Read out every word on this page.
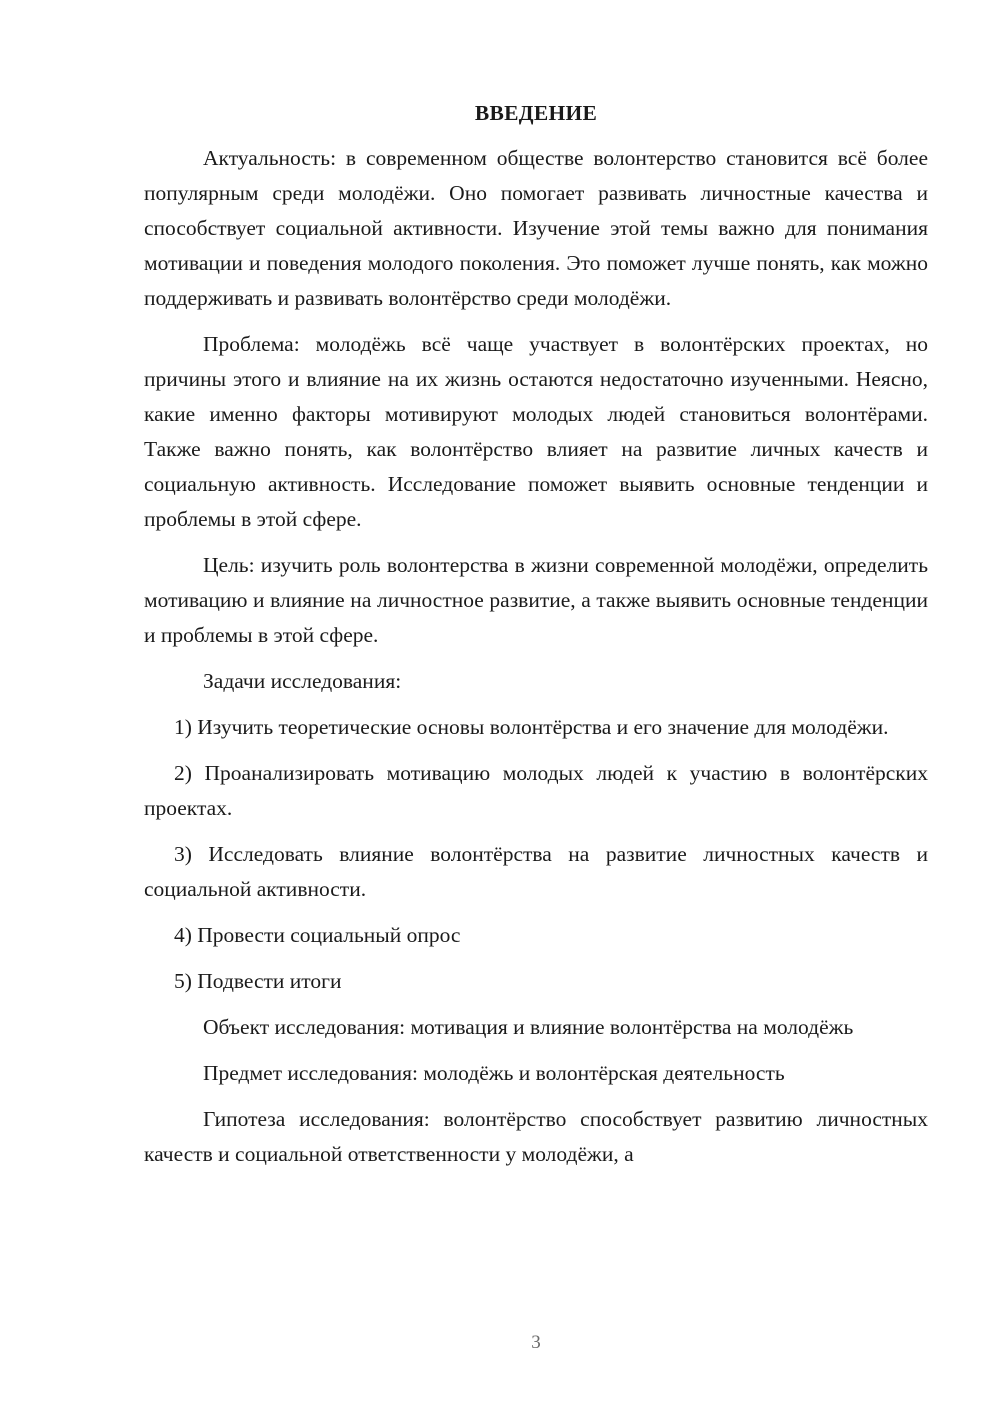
ВВЕДЕНИЕ

Актуальность: в современном обществе волонтерство становится всё более популярным среди молодёжи. Оно помогает развивать личностные качества и способствует социальной активности. Изучение этой темы важно для понимания мотивации и поведения молодого поколения. Это поможет лучше понять, как можно поддерживать и развивать волонтёрство среди молодёжи.

Проблема: молодёжь всё чаще участвует в волонтёрских проектах, но причины этого и влияние на их жизнь остаются недостаточно изученными. Неясно, какие именно факторы мотивируют молодых людей становиться волонтёрами. Также важно понять, как волонтёрство влияет на развитие личных качеств и социальную активность. Исследование поможет выявить основные тенденции и проблемы в этой сфере.

Цель: изучить роль волонтерства в жизни современной молодёжи, определить мотивацию и влияние на личностное развитие, а также выявить основные тенденции и проблемы в этой сфере.

Задачи исследования:

1) Изучить теоретические основы волонтёрства и его значение для молодёжи.

2) Проанализировать мотивацию молодых людей к участию в волонтёрских проектах.

3) Исследовать влияние волонтёрства на развитие личностных качеств и социальной активности.

4) Провести социальный опрос

5) Подвести итоги

Объект исследования: мотивация и влияние волонтёрства на молодёжь

Предмет исследования: молодёжь и волонтёрская деятельность

Гипотеза исследования: волонтёрство способствует развитию личностных качеств и социальной ответственности у молодёжи, а

3
